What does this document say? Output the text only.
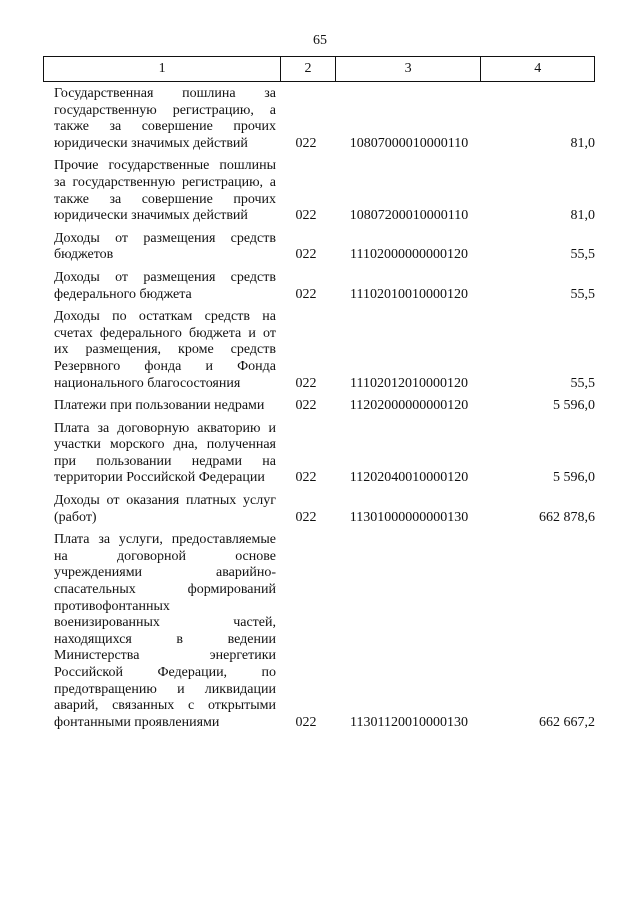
65
1	2	3	4
Государственная пошлина за государственную регистрацию, а также за совершение прочих юридически значимых действий	022	10807000010000110	81,0
Прочие государственные пошлины за государственную регистрацию, а также за совершение прочих юридически значимых действий	022	10807200010000110	81,0
Доходы от размещения средств бюджетов	022	11102000000000120	55,5
Доходы от размещения средств федерального бюджета	022	11102010010000120	55,5
Доходы по остаткам средств на счетах федерального бюджета и от их размещения, кроме средств Резервного фонда и Фонда национального благосостояния	022	11102012010000120	55,5
Платежи при пользовании недрами	022	11202000000000120	5 596,0
Плата за договорную акваторию и участки морского дна, полученная при пользовании недрами на территории Российской Федерации	022	11202040010000120	5 596,0
Доходы от оказания платных услуг (работ)	022	11301000000000130	662 878,6
Плата за услуги, предоставляемые на договорной основе учреждениями аварийно-спасательных формирований противофонтанных военизированных частей, находящихся в ведении Министерства энергетики Российской Федерации, по предотвращению и ликвидации аварий, связанных с открытыми фонтанными проявлениями	022	11301120010000130	662 667,2
